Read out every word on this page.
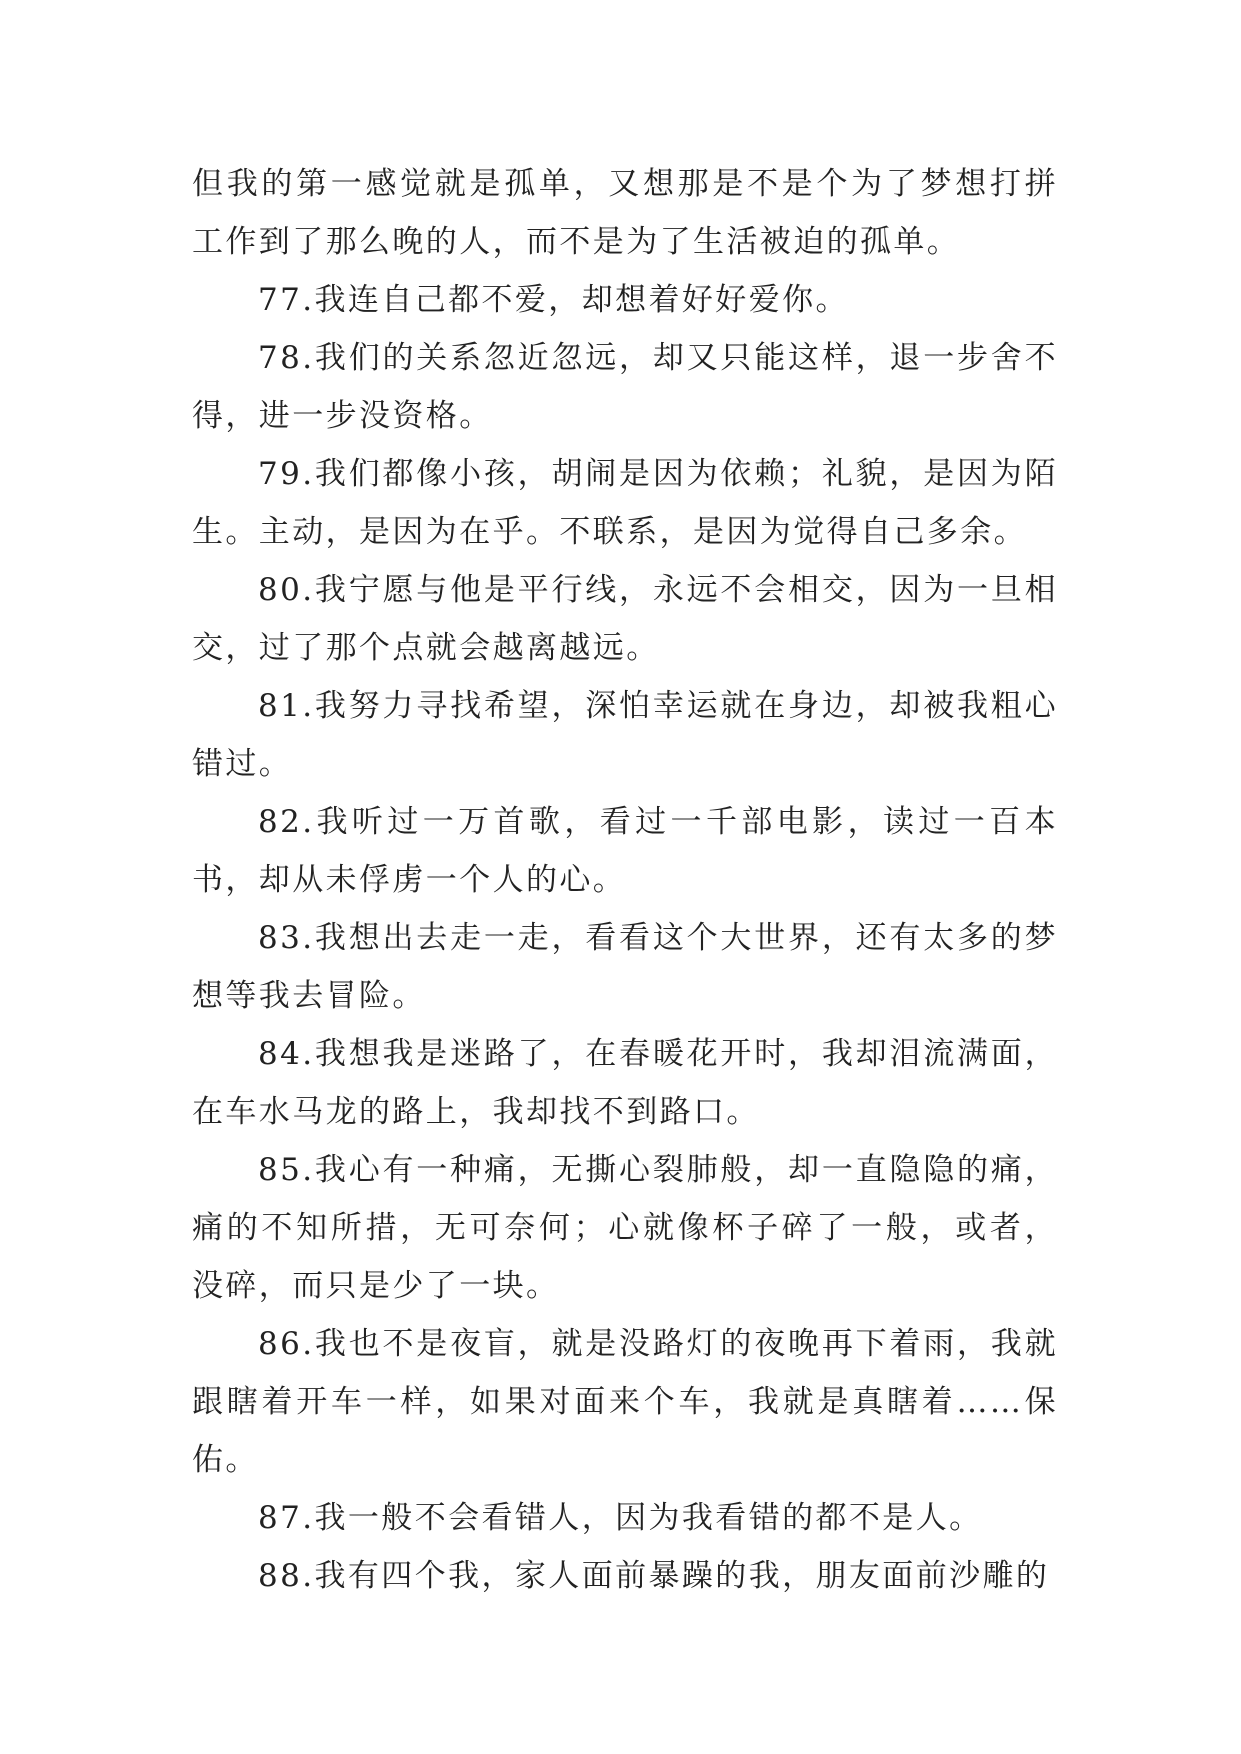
但我的第一感觉就是孤单，又想那是不是个为了梦想打拼工作到了那么晚的人，而不是为了生活被迫的孤单。

77.我连自己都不爱，却想着好好爱你。

78.我们的关系忽近忽远，却又只能这样，退一步舍不得，进一步没资格。

79.我们都像小孩，胡闹是因为依赖；礼貌，是因为陌生。主动，是因为在乎。不联系，是因为觉得自己多余。

80.我宁愿与他是平行线，永远不会相交，因为一旦相交，过了那个点就会越离越远。

81.我努力寻找希望，深怕幸运就在身边，却被我粗心错过。

82.我听过一万首歌，看过一千部电影，读过一百本书，却从未俘虏一个人的心。

83.我想出去走一走，看看这个大世界，还有太多的梦想等我去冒险。

84.我想我是迷路了，在春暖花开时，我却泪流满面，在车水马龙的路上，我却找不到路口。

85.我心有一种痛，无撕心裂肺般，却一直隐隐的痛，痛的不知所措，无可奈何；心就像杯子碎了一般，或者，没碎，而只是少了一块。

86.我也不是夜盲，就是没路灯的夜晚再下着雨，我就跟瞎着开车一样，如果对面来个车，我就是真瞎着……保佑。

87.我一般不会看错人，因为我看错的都不是人。

88.我有四个我，家人面前暴躁的我，朋友面前沙雕的
